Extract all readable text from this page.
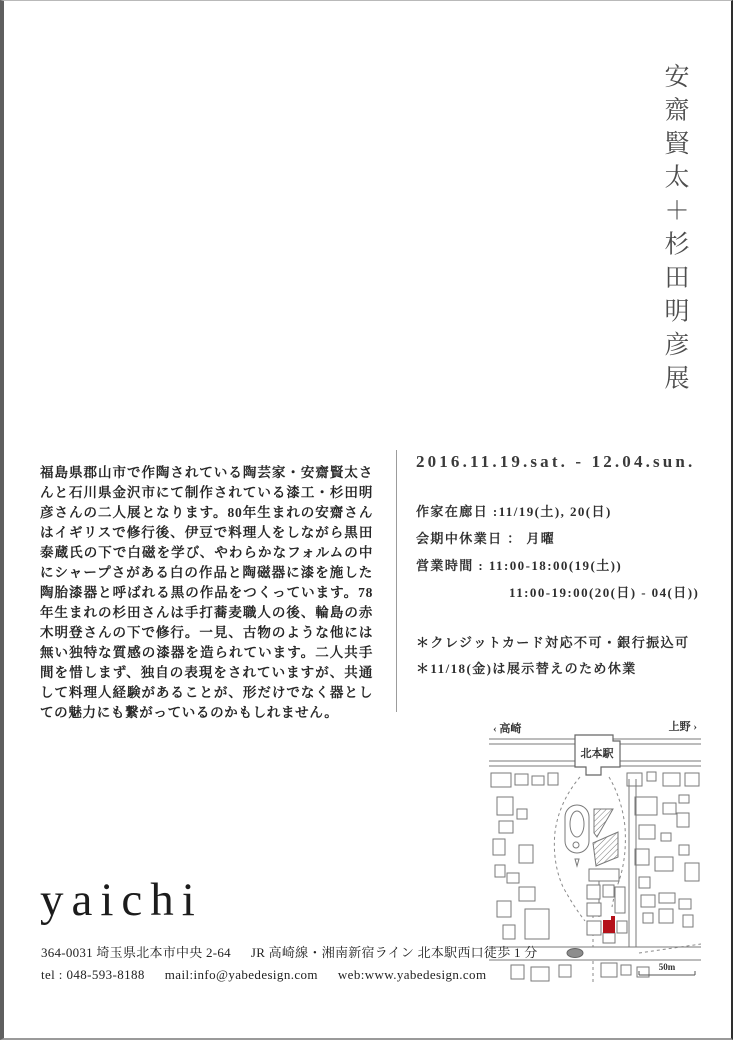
安齋賢太＋杉田明彦展
福島県郡山市で作陶されている陶芸家・安齋賢太さんと石川県金沢市にて制作されている漆工・杉田明彦さんの二人展となります。80年生まれの安齋さんはイギリスで修行後、伊豆で料理人をしながら黒田泰蔵氏の下で白磁を学び、やわらかなフォルムの中にシャープさがある白の作品と陶磁器に漆を施した陶胎漆器と呼ばれる黒の作品をつくっています。78年生まれの杉田さんは手打蕎麦職人の後、輪島の赤木明登さんの下で修行。一見、古物のような他には無い独特な質感の漆器を造られています。二人共手間を惜しまず、独自の表現をされていますが、共通して料理人経験があることが、形だけでなく器としての魅力にも繋がっているのかもしれません。
2016.11.19.sat. - 12.04.sun.
作家在廊日 :11/19(土), 20(日)
会期中休業日 ： 月曜
営業時間 : 11:00-18:00(19(土))
11:00-19:00(20(日) - 04(日))
＊クレジットカード対応不可・銀行振込可
＊11/18(金)は展示替えのため休業
‹ 高崎	上野 ›
北本駅
50m
yaichi
364-0031 埼玉県北本市中央 2-64 JR 高崎線・湘南新宿ライン 北本駅西口徒歩 1 分
tel : 048-593-8188 mail:info@yabedesign.com web:www.yabedesign.com
